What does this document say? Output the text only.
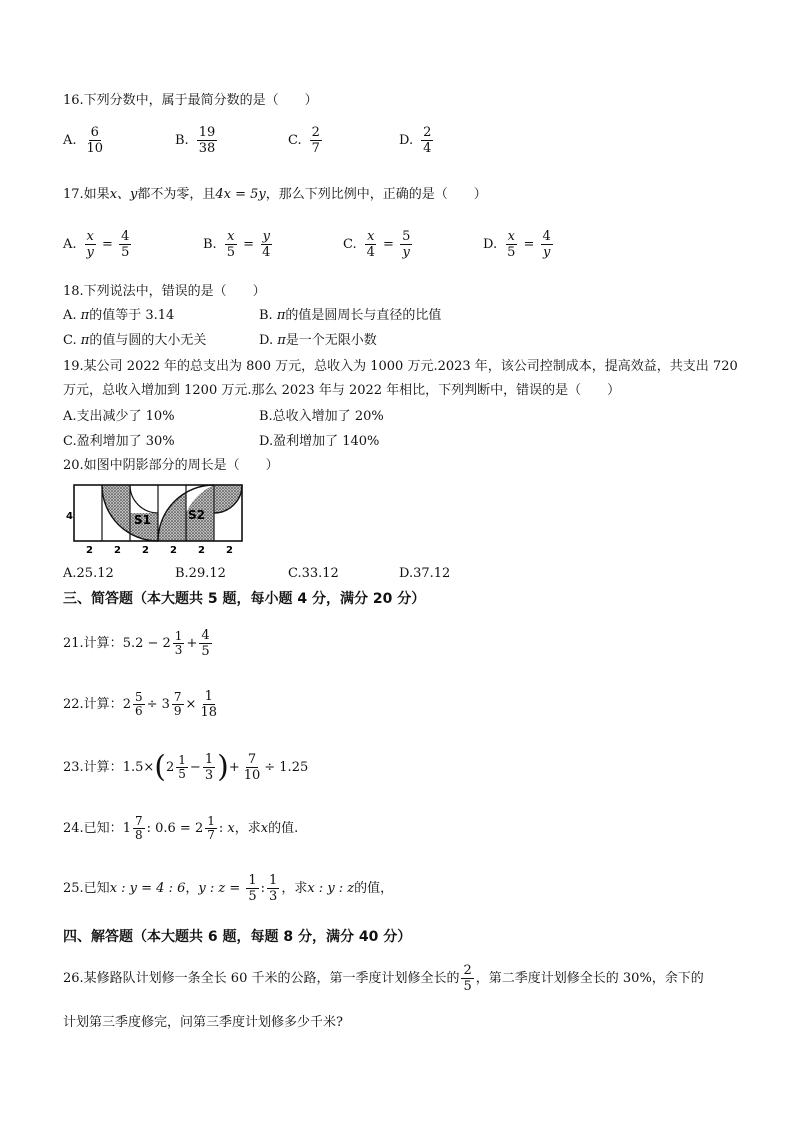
16.下列分数中，属于最简分数的是（　　）
A. $\frac{6}{10}$	B. $\frac{19}{38}$	C. $\frac{2}{7}$	D. $\frac{2}{4}$
17.如果x、y都不为零，且4x = 5y，那么下列比例中，正确的是（　　）
A. $\frac{x}{y} = \frac{4}{5}$	B. $\frac{x}{5} = \frac{y}{4}$	C. $\frac{x}{4} = \frac{5}{y}$	D. $\frac{x}{5} = \frac{4}{y}$
18.下列说法中，错误的是（　　）
A. π的值等于 3.14	B. π的值是圆周长与直径的比值
C. π的值与圆的大小无关	D. π是一个无限小数
19.某公司 2022 年的总支出为 800 万元，总收入为 1000 万元.2023 年，该公司控制成本，提高效益，共支出 720
万元，总收入增加到 1200 万元.那么 2023 年与 2022 年相比，下列判断中，错误的是（　　）
A.支出减少了 10%	B.总收入增加了 20%
C.盈利增加了 30%	D.盈利增加了 140%
20.如图中阴影部分的周长是（　　）
4	S1	S2
2 2 2 2 2 2
A.25.12	B.29.12	C.33.12	D.37.12
三、简答题（本大题共 5 题，每小题 4 分，满分 20 分）
21.计算：$5.2 - 2 \frac{1}{3} + \frac{4}{5}$
22.计算：$2 \frac{5}{6} \div 3 \frac{7}{9} \times \frac{1}{18}$
23.计算：$1.5\times(2 \frac{1}{5} - \frac{1}{3}$ )+ $\frac{7}{10} \div 1.25$
24.已知：$1 \frac{7}{8}$ : $0.6 = 2 \frac{1}{7}$ : x，求x的值.
25.已知x : y = 4 : 6，y : $z = \frac{1}{5}$ : $\frac{1}{3}$ ，求x : y : z的值，
四、解答题（本大题共 6 题，每题 8 分，满分 40 分）
26.某修路队计划修一条全长 60 千米的公路，第一季度计划修全长的 $\frac{2}{5}$ ，第二季度计划修全长的 30%，余下的
计划第三季度修完，问第三季度计划修多少千米?
